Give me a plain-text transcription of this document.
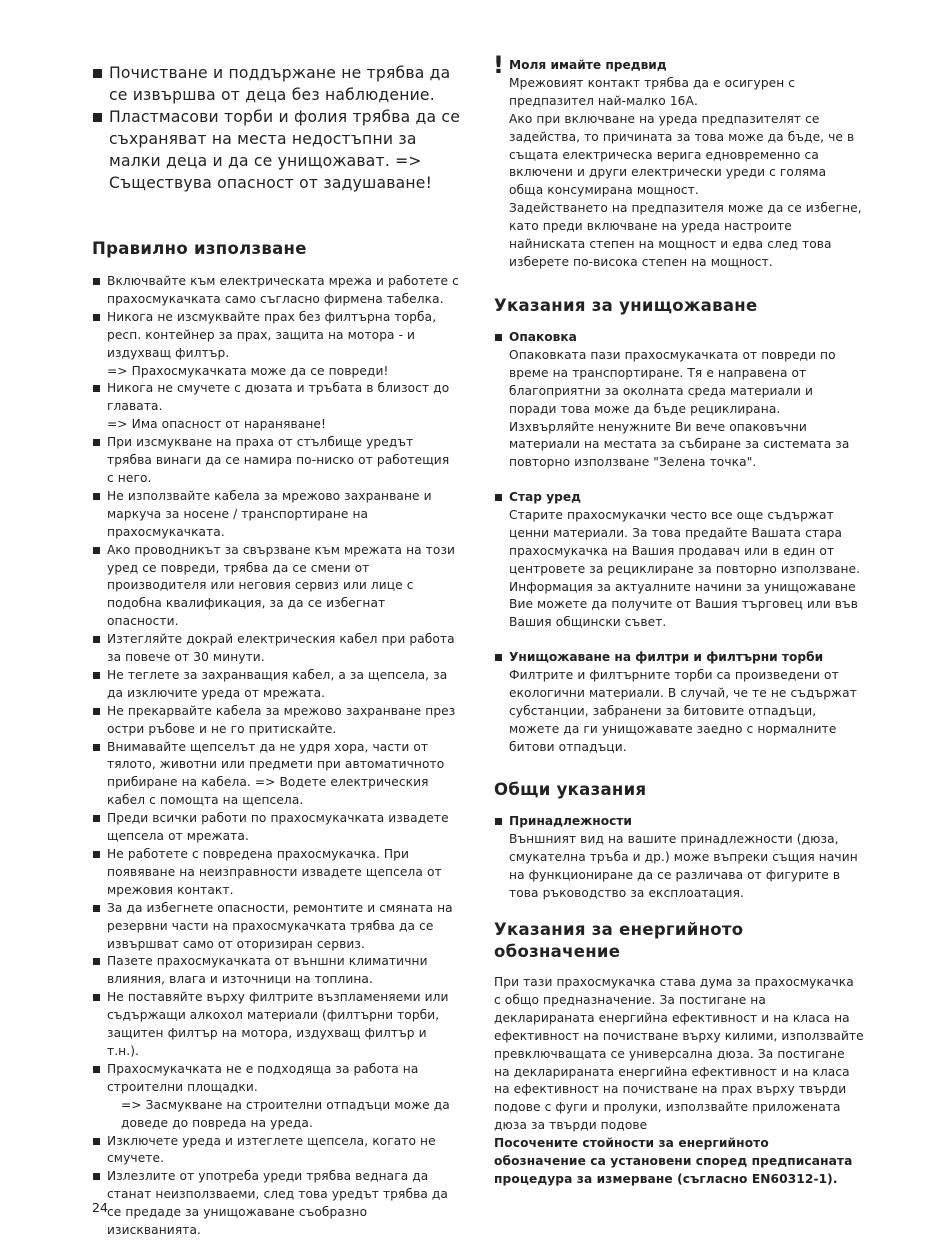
Почистване и поддържане не трябва да се извършва от деца без наблюдение.
Пластмасови торби и фолия трябва да се съхраняват на места недостъпни за малки деца и да се унищожават. => Съществува опасност от задушаване!
Правилно използване
Включвайте към електрическата мрежа и работете с прахосмукачката само съгласно фирмена табелка.
Никога не изсмуквайте прах без филтърна торба, респ. контейнер за прах, защита на мотора - и издухващ филтър.
=> Прахосмукачката може да се повреди!
Никога не смучете с дюзата и тръбата в близост до главата.
=> Има опасност от нараняване!
При изсмукване на праха от стълбище уредът трябва винаги да се намира по-ниско от работещия с него.
Не използвайте кабела за мрежово захранване и маркуча за носене / транспортиране на прахосмукачката.
Ако проводникът за свързване към мрежата на този уред се повреди, трябва да се смени от производителя или неговия сервиз или лице с подобна квалификация, за да се избегнат опасности.
Изтегляйте докрай електрическия кабел при работа за повече от 30 минути.
Не теглете за захранващия кабел, а за щепсела, за да изключите уреда от мрежата.
Не прекарвайте кабела за мрежово захранване през остри ръбове и не го притискайте.
Внимавайте щепселът да не удря хора, части от тялото, животни или предмети при автоматичното прибиране на кабела. => Водете електрическия кабел с помощта на щепсела.
Преди всички работи по прахосмукачката извадете щепсела от мрежата.
Не работете с повредена прахосмукачка. При появяване на неизправности извадете щепсела от мрежовия контакт.
За да избегнете опасности, ремонтите и смяната на резервни части на прахосмукачката трябва да се извършват само от оторизиран сервиз.
Пазете прахосмукачката от външни климатични влияния, влага и източници на топлина.
Не поставяйте върху филтрите възпламеняеми или съдържащи алкохол материали (филтърни торби, защитен филтър на мотора, издухващ филтър и т.н.).
Прахосмукачката не е подходяща за работа на строителни площадки.
=> Засмукване на строителни отпадъци може да доведе до повреда на уреда.
Изключете уреда и изтеглете щепсела, когато не смучете.
Излезлите от употреба уреди трябва веднага да станат неизползваеми, след това уредът трябва да се предаде за унищожаване съобразно изискванията.
! Моля имайте предвид
Мрежовият контакт трябва да е осигурен с предпазител най-малко 16А.
Ако при включване на уреда предпазителят се задейства, то причината за това може да бъде, че в същата електрическа верига едновременно са включени и други електрически уреди с голяма обща консумирана мощност.
Задействането на предпазителя може да се избегне, като преди включване на уреда настроите найниската степен на мощност и едва след това изберете по-висока степен на мощност.
Указания за унищожаване
Опаковка
Опаковката пази прахосмукачката от повреди по време на транспортиране. Тя е направена от благоприятни за околната среда материали и поради това може да бъде рециклирана. Изхвърляйте ненужните Ви вече опаковъчни материали на местата за събиране за системата за повторно използване "Зелена точка".
Стар уред
Старите прахосмукачки често все още съдържат ценни материали. За това предайте Вашата стара прахосмукачка на Вашия продавач или в един от центровете за рециклиране за повторно използване. Информация за актуалните начини за унищожаване Вие можете да получите от Вашия търговец или във Вашия общински съвет.
Унищожаване на филтри и филтърни торби
Филтрите и филтърните торби са произведени от екологични материали. В случай, че те не съдържат субстанции, забранени за битовите отпадъци, можете да ги унищожавате заедно с нормалните битови отпадъци.
Общи указания
Принадлежности
Външният вид на вашите принадлежности (дюза, смукателна тръба и др.) може въпреки същия начин на функциониране да се различава от фигурите в това ръководство за експлоатация.
Указания за енергийното обозначение
При тази прахосмукачка става дума за прахосмукачка с общо предназначение. За постигане на декларираната енергийна ефективност и на класа на ефективност на почистване върху килими, използвайте превключващата се универсална дюза. За постигане на декларираната енергийна ефективност и на класа на ефективност на почистване на прах върху твърди подове с фуги и пролуки, използвайте приложената дюза за твърди подове
Посочените стойности за енергийното обозначение са установени според предписаната процедура за измерване (съгласно EN60312-1).
24
